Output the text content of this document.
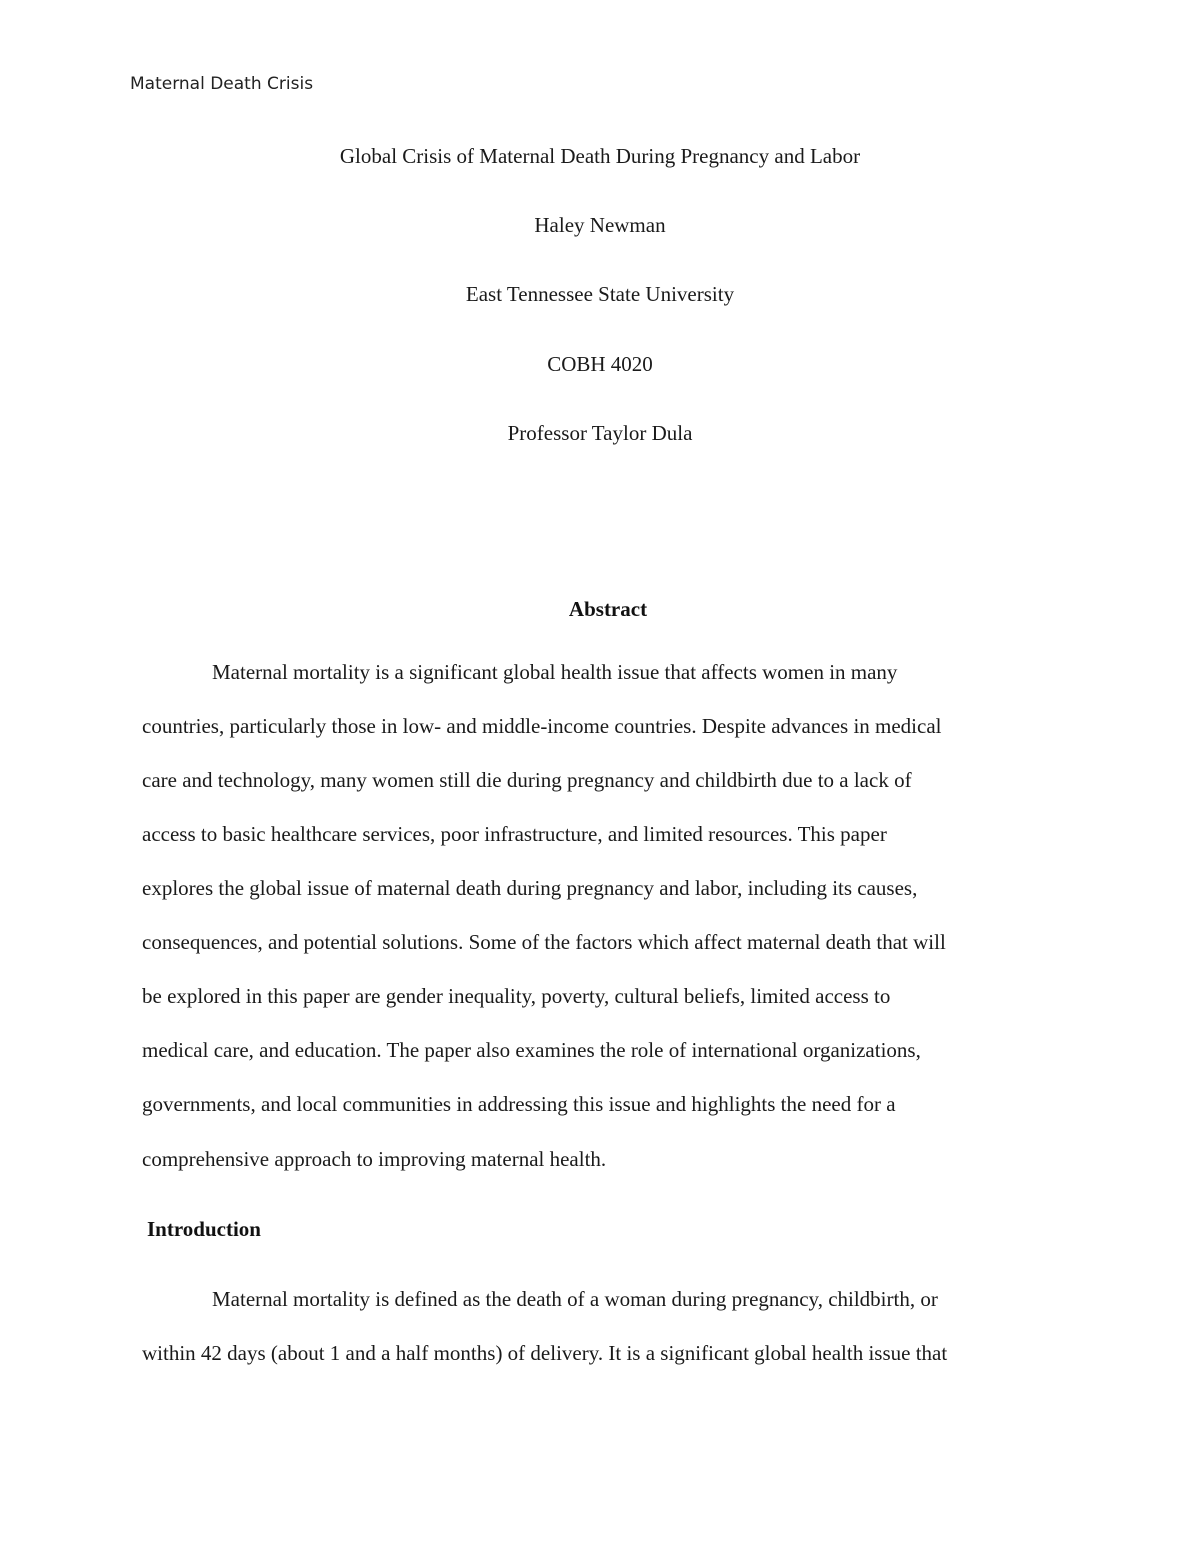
Maternal Death Crisis
Global Crisis of Maternal Death During Pregnancy and Labor
Haley Newman
East Tennessee State University
COBH 4020
Professor Taylor Dula
Abstract
Maternal mortality is a significant global health issue that affects women in many
countries, particularly those in low- and middle-income countries. Despite advances in medical
care and technology, many women still die during pregnancy and childbirth due to a lack of
access to basic healthcare services, poor infrastructure, and limited resources. This paper
explores the global issue of maternal death during pregnancy and labor, including its causes,
consequences, and potential solutions. Some of the factors which affect maternal death that will
be explored in this paper are gender inequality, poverty, cultural beliefs, limited access to
medical care, and education. The paper also examines the role of international organizations,
governments, and local communities in addressing this issue and highlights the need for a
comprehensive approach to improving maternal health.
Introduction
Maternal mortality is defined as the death of a woman during pregnancy, childbirth, or
within 42 days (about 1 and a half months) of delivery. It is a significant global health issue that
